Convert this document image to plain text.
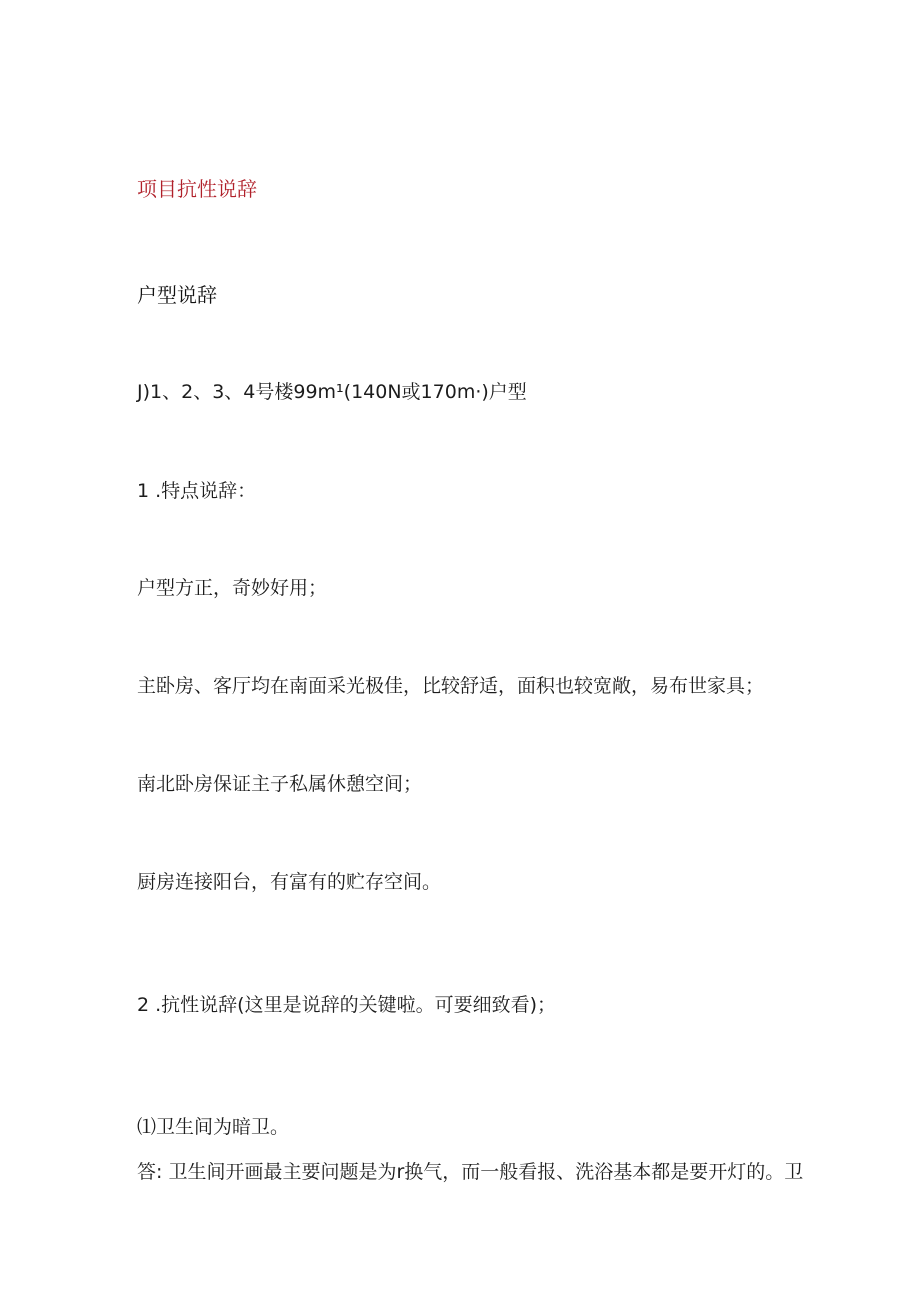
项目抗性说辞
户型说辞
J)1、2、3、4号楼99m¹(140N或170m·)户型
1 .特点说辞：
户型方正，奇妙好用；
主卧房、客厅均在南面采光极佳，比较舒适，面积也较宽敞，易布世家具；
南北卧房保证主子私属休憩空间；
厨房连接阳台，有富有的贮存空间。
2 .抗性说辞(这里是说辞的关键啦。可要细致看)；
⑴卫生间为暗卫。
答: 卫生间开画最主要问题是为r换气，而一般看报、洗浴基本都是要开灯的。卫
